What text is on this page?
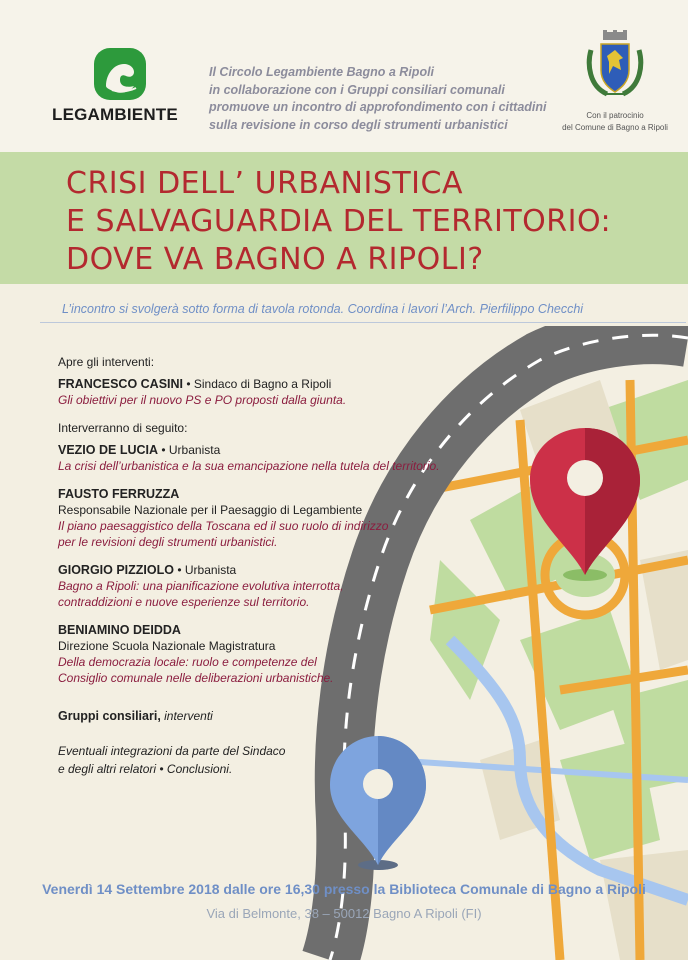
LEGAMBIENTE
Il Circolo Legambiente Bagno a Ripoli
in collaborazione con i Gruppi consiliari comunali
promuove un incontro di approfondimento con i cittadini
sulla revisione in corso degli strumenti urbanistici
Con il patrocinio
del Comune di Bagno a Ripoli
CRISI DELL’ URBANISTICA
E SALVAGUARDIA DEL TERRITORIO:
DOVE VA BAGNO A RIPOLI?
L’incontro si svolgerà sotto forma di tavola rotonda. Coordina i lavori l’Arch. Pierfilippo Checchi
Apre gli interventi:
FRANCESCO CASINI • Sindaco di Bagno a Ripoli
Gli obiettivi per il nuovo PS e PO proposti dalla giunta.
Interverranno di seguito:
VEZIO DE LUCIA • Urbanista
La crisi dell’urbanistica e la sua emancipazione nella tutela del territorio.
FAUSTO FERRUZZA
Responsabile Nazionale per il Paesaggio di Legambiente
Il piano paesaggistico della Toscana ed il suo ruolo di indirizzo
per le revisioni degli strumenti urbanistici.
GIORGIO PIZZIOLO • Urbanista
Bagno a Ripoli: una pianificazione evolutiva interrotta,
contraddizioni e nuove esperienze sul territorio.
BENIAMINO DEIDDA
Direzione Scuola Nazionale Magistratura
Della democrazia locale: ruolo e competenze del
Consiglio comunale nelle deliberazioni urbanistiche.
Gruppi consiliari, interventi
Eventuali integrazioni da parte del Sindaco
e degli altri relatori • Conclusioni.
Venerdì 14 Settembre 2018 dalle ore 16,30 presso la Biblioteca Comunale di Bagno a Ripoli
Via di Belmonte, 38 – 50012 Bagno A Ripoli (FI)
